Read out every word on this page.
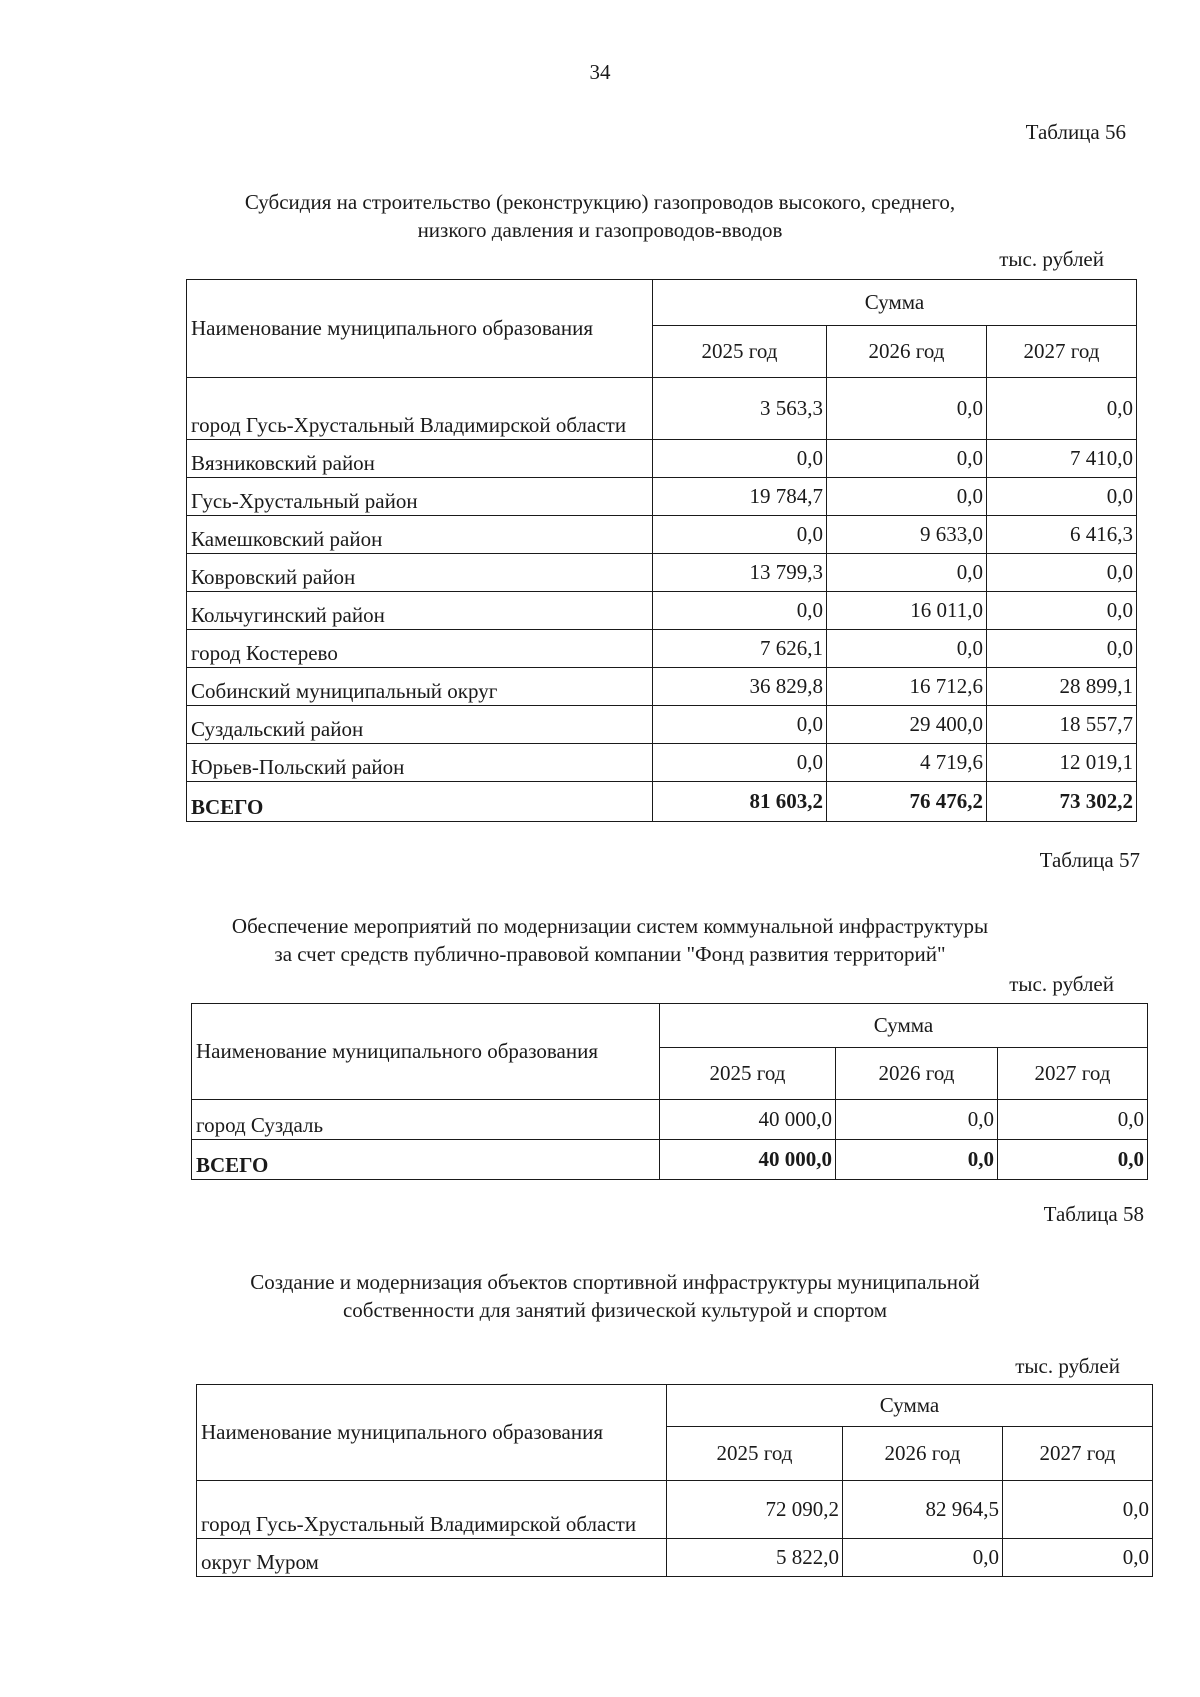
34
Таблица 56
Субсидия на строительство (реконструкцию) газопроводов высокого, среднего,
низкого давления и газопроводов-вводов
тыс. рублей
Наименование муниципального образования	Сумма		
	2025 год	2026 год	2027 год
город Гусь-Хрустальный Владимирской области	3 563,3	0,0	0,0
Вязниковский район	0,0	0,0	7 410,0
Гусь-Хрустальный район	19 784,7	0,0	0,0
Камешковский район	0,0	9 633,0	6 416,3
Ковровский район	13 799,3	0,0	0,0
Кольчугинский район	0,0	16 011,0	0,0
город Костерево	7 626,1	0,0	0,0
Собинский муниципальный округ	36 829,8	16 712,6	28 899,1
Суздальский район	0,0	29 400,0	18 557,7
Юрьев-Польский район	0,0	4 719,6	12 019,1
ВСЕГО	81 603,2	76 476,2	73 302,2
Таблица 57
Обеспечение мероприятий по модернизации систем коммунальной инфраструктуры
за счет средств публично-правовой компании "Фонд развития территорий"
тыс. рублей
Наименование муниципального образования	Сумма		
	2025 год	2026 год	2027 год
город Суздаль	40 000,0	0,0	0,0
ВСЕГО	40 000,0	0,0	0,0
Таблица 58
Создание и модернизация объектов спортивной инфраструктуры муниципальной
собственности для занятий физической культурой и спортом
тыс. рублей
Наименование муниципального образования	Сумма		
	2025 год	2026 год	2027 год
город Гусь-Хрустальный Владимирской области	72 090,2	82 964,5	0,0
округ Муром	5 822,0	0,0	0,0
